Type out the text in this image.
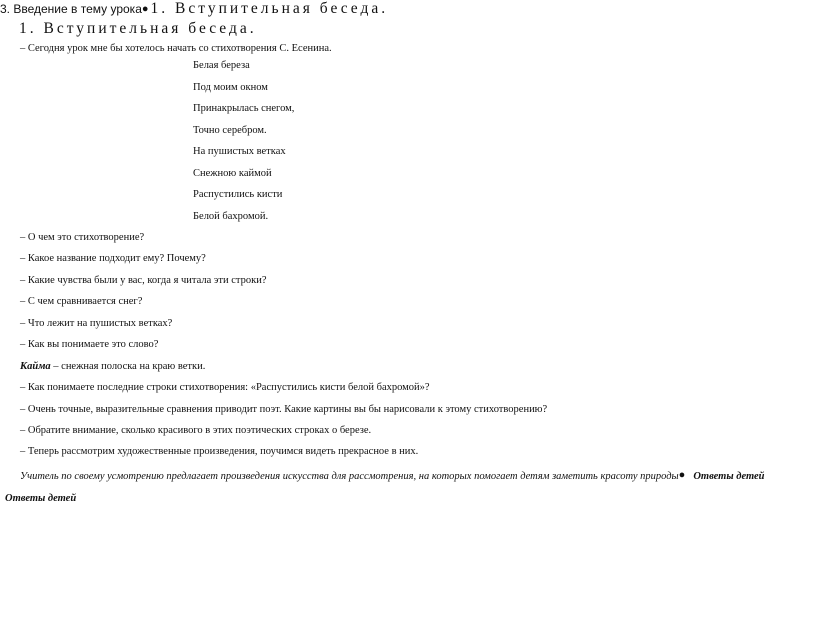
3. Введение в тему урока● 1. Вступительная беседа.
1. Вступительная беседа.
– Сегодня урок мне бы хотелось начать со стихотворения С. Есенина.
Белая береза
Под моим окном
Принакрылась снегом,
Точно серебром.
На пушистых ветках
Снежною каймой
Распустились кисти
Белой бахромой.
– О чем это стихотворение?
– Какое название подходит ему? Почему?
– Какие чувства были у вас, когда я читала эти строки?
– С чем сравнивается снег?
– Что лежит на пушистых ветках?
– Как вы понимаете это слово?
Кайма – снежная полоска на краю ветки.
– Как понимаете последние строки стихотворения: «Распустились кисти белой бахромой»?
– Очень точные, выразительные сравнения приводит поэт. Какие картины вы бы нарисовали к этому стихотворению?
– Обратите внимание, сколько красивого в этих поэтических строках о березе.
– Теперь рассмотрим художественные произведения, поучимся видеть прекрасное в них.
Учитель по своему усмотрению предлагает произведения искусства для рассмотрения, на которых помогает детям заметить красоту природы● Ответы детей
Ответы детей
